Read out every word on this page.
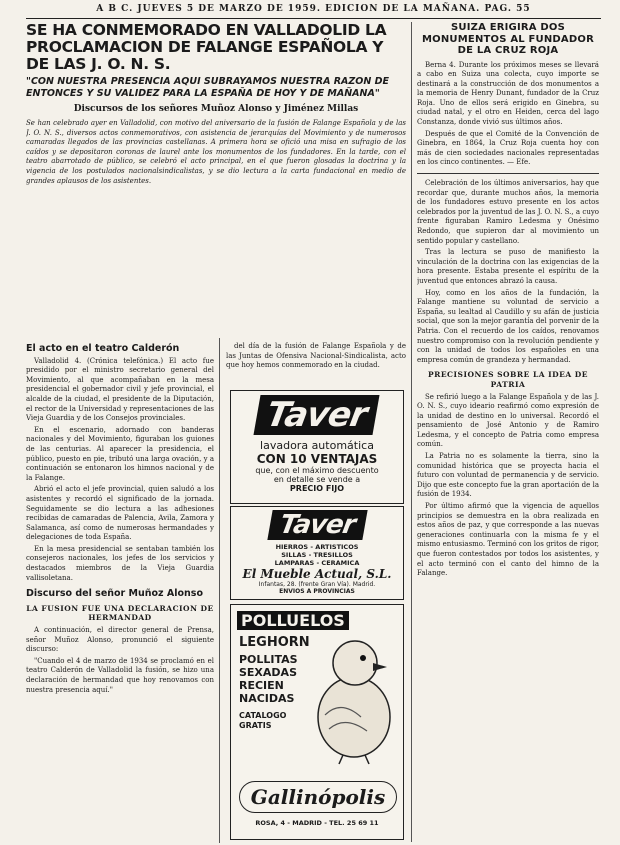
A B C. JUEVES 5 DE MARZO DE 1959. EDICION DE LA MAÑANA. PAG. 55
SE HA CONMEMORADO EN VALLADOLID LA PROCLAMACION DE FALANGE ESPAÑOLA Y DE LAS J. O. N. S.
"CON NUESTRA PRESENCIA AQUI SUBRAYAMOS NUESTRA RAZON DE ENTONCES Y SU VALIDEZ PARA LA ESPAÑA DE HOY Y DE MAÑANA"
Discursos de los señores Muñoz Alonso y Jiménez Millas
Se han celebrado ayer en Valladolid, con motivo del aniversario de la fusión de Falange Española y de las J. O. N. S., diversos actos conmemorativos, con asistencia de jerarquías del Movimiento y de numerosos camaradas llegados de las provincias castellanas. A primera hora se ofició una misa en sufragio de los caídos y se depositaron coronas de laurel ante los monumentos de los fundadores. En la tarde, con el teatro abarrotado de público, se celebró el acto principal, en el que fueron glosadas la doctrina y la vigencia de los postulados nacionalsindicalistas, y se dio lectura a la carta fundacional en medio de grandes aplausos de los asistentes.
El acto en el teatro Calderón

Valladolid 4. (Crónica telefónica.) El acto fue presidido por el ministro secretario general del Movimiento, al que acompañaban en la mesa presidencial el gobernador civil y jefe provincial, el alcalde de la ciudad, el presidente de la Diputación, el rector de la Universidad y representaciones de las Vieja Guardia y de los Consejos provinciales.

En el escenario, adornado con banderas nacionales y del Movimiento, figuraban los guiones de las centurias. Al aparecer la presidencia, el público, puesto en pie, tributó una larga ovación, y a continuación se entonaron los himnos nacional y de la Falange.

Abrió el acto el jefe provincial, quien saludó a los asistentes y recordó el significado de la jornada. Seguidamente se dio lectura a las adhesiones recibidas de camaradas de Palencia, Avila, Zamora y Salamanca, así como de numerosas hermandades y delegaciones de toda España.

En la mesa presidencial se sentaban también los consejeros nacionales, los jefes de los servicios y destacados miembros de la Vieja Guardia vallisoletana.

Discurso del señor Muñoz Alonso
LA FUSION FUE UNA DECLARACION DE HERMANDAD

A continuación, el director general de Prensa, señor Muñoz Alonso, pronunció el siguiente discurso:

"Cuando el 4 de marzo de 1934 se proclamó en el teatro Calderón de Valladolid la fusión, se hizo una declaración de hermandad que hoy renovamos con nuestra presencia aquí."

del día de la fusión de Falange Española y de las Juntas de Ofensiva Nacional-Sindicalista, acto que hoy hemos conmemorado en la ciudad.

Taver
lavadora automática
CON 10 VENTAJAS
que, con el máximo descuento
en detalle se vende a
PRECIO FIJO
Taver
HIERROS - ARTISTICOS
SILLAS - TRESILLOS
LAMPARAS - CERAMICA
El Mueble Actual, S.L.
Infantas, 28. (frente Gran Vía). Madrid.
ENVIOS A PROVINCIAS
POLLUELOS
LEGHORN
POLLITAS
SEXADAS
RECIEN
NACIDAS
CATALOGO
GRATIS
Gallinópolis
ROSA, 4 - MADRID - TEL. 25 69 11
SUIZA ERIGIRA DOS MONUMENTOS AL FUNDADOR DE LA CRUZ ROJA

Berna 4. Durante los próximos meses se llevará a cabo en Suiza una colecta, cuyo importe se destinará a la construcción de dos monumentos a la memoria de Henry Dunant, fundador de la Cruz Roja. Uno de ellos será erigido en Ginebra, su ciudad natal, y el otro en Heiden, cerca del lago Constanza, donde vivió sus últimos años.

Después de que el Comité de la Convención de Ginebra, en 1864, la Cruz Roja cuenta hoy con más de cien sociedades nacionales representadas en los cinco continentes. — Efe.

Celebración de los últimos aniversarios, hay que recordar que, durante muchos años, la memoria de los fundadores estuvo presente en los actos celebrados por la juventud de las J. O. N. S., a cuyo frente figuraban Ramiro Ledesma y Onésimo Redondo, que supieron dar al movimiento un sentido popular y castellano.

Tras la lectura se puso de manifiesto la vinculación de la doctrina con las exigencias de la hora presente. Estaba presente el espíritu de la juventud que entonces abrazó la causa.

Hoy, como en los años de la fundación, la Falange mantiene su voluntad de servicio a España, su lealtad al Caudillo y su afán de justicia social, que son la mejor garantía del porvenir de la Patria. Con el recuerdo de los caídos, renovamos nuestro compromiso con la revolución pendiente y con la unidad de todos los españoles en una empresa común de grandeza y hermandad.

PRECISIONES SOBRE LA IDEA DE PATRIA

Se refirió luego a la Falange Española y de las J. O. N. S., cuyo ideario reafirmó como expresión de la unidad de destino en lo universal. Recordó el pensamiento de José Antonio y de Ramiro Ledesma, y el concepto de Patria como empresa común.

La Patria no es solamente la tierra, sino la comunidad histórica que se proyecta hacia el futuro con voluntad de permanencia y de servicio. Dijo que este concepto fue la gran aportación de la fusión de 1934.

Por último afirmó que la vigencia de aquellos principios se demuestra en la obra realizada en estos años de paz, y que corresponde a las nuevas generaciones continuarla con la misma fe y el mismo entusiasmo. Terminó con los gritos de rigor, que fueron contestados por todos los asistentes, y el acto terminó con el canto del himno de la Falange.
